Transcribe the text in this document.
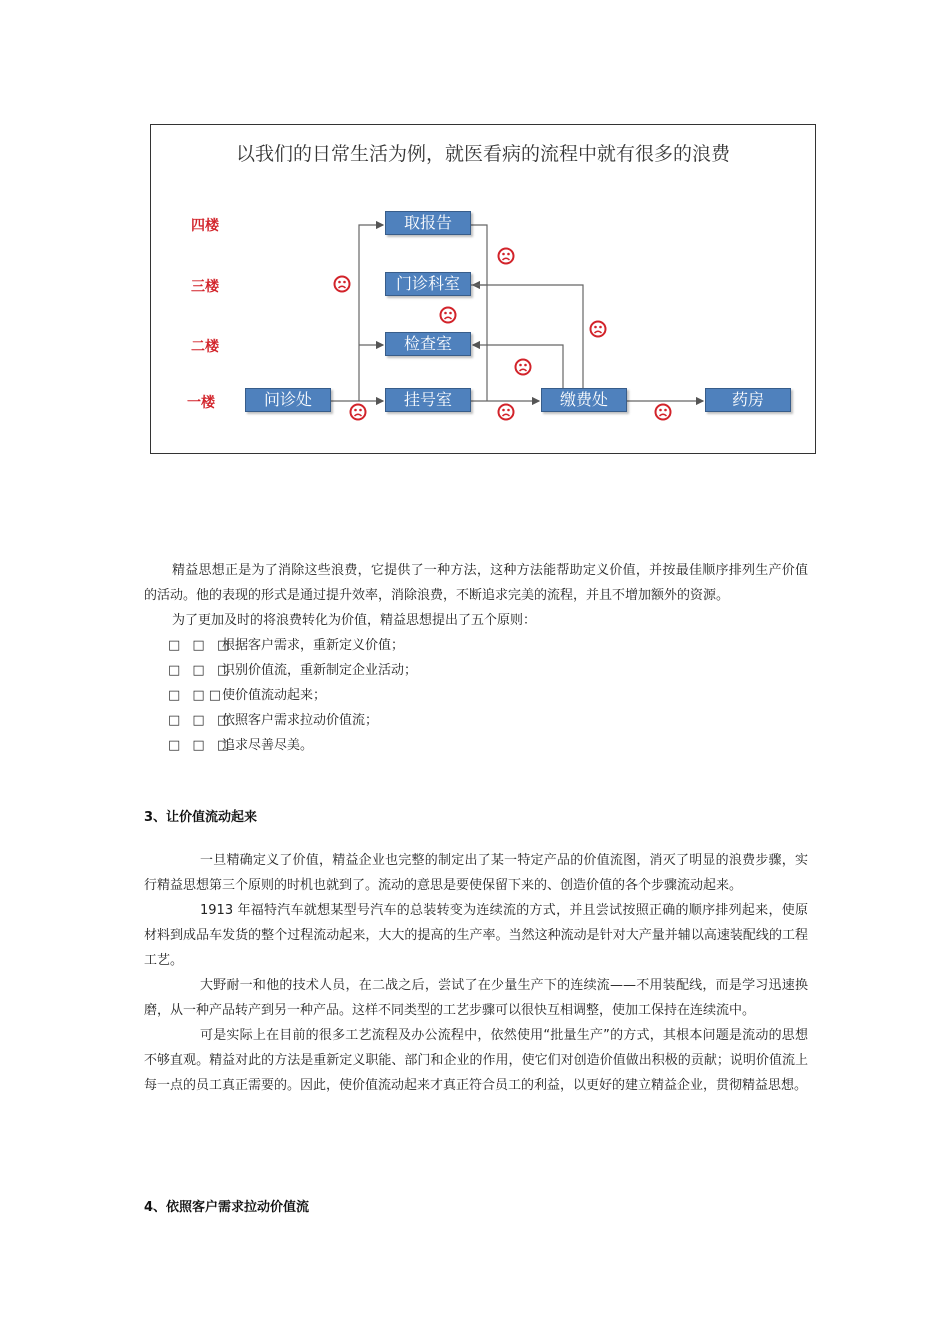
以我们的日常生活为例，就医看病的流程中就有很多的浪费
四楼
三楼
二楼
一楼
取报告
门诊科室
检查室
问诊处	挂号室	缴费处	药房

精益思想正是为了消除这些浪费，它提供了一种方法，这种方法能帮助定义价值，并按最佳顺序排列生产价值的活动。他的表现的形式是通过提升效率，消除浪费，不断追求完美的流程，并且不增加额外的资源。

为了更加及时的将浪费转化为价值，精益思想提出了五个原则：

□ □ □根据客户需求，重新定义价值；
□ □ □识别价值流，重新制定企业活动；
□ □□使价值流动起来；
□ □ □依照客户需求拉动价值流；
□ □ □追求尽善尽美。
3、让价值流动起来

一旦精确定义了价值，精益企业也完整的制定出了某一特定产品的价值流图，消灭了明显的浪费步骤，实行精益思想第三个原则的时机也就到了。流动的意思是要使保留下来的、创造价值的各个步骤流动起来。

1913 年福特汽车就想某型号汽车的总装转变为连续流的方式，并且尝试按照正确的顺序排列起来，使原材料到成品车发货的整个过程流动起来，大大的提高的生产率。当然这种流动是针对大产量并辅以高速装配线的工程工艺。

大野耐一和他的技术人员，在二战之后，尝试了在少量生产下的连续流——不用装配线，而是学习迅速换磨，从一种产品转产到另一种产品。这样不同类型的工艺步骤可以很快互相调整，使加工保持在连续流中。

可是实际上在目前的很多工艺流程及办公流程中，依然使用“批量生产”的方式，其根本问题是流动的思想不够直观。精益对此的方法是重新定义职能、部门和企业的作用，使它们对创造价值做出积极的贡献；说明价值流上每一点的员工真正需要的。因此，使价值流动起来才真正符合员工的利益，以更好的建立精益企业，贯彻精益思想。

4、依照客户需求拉动价值流
